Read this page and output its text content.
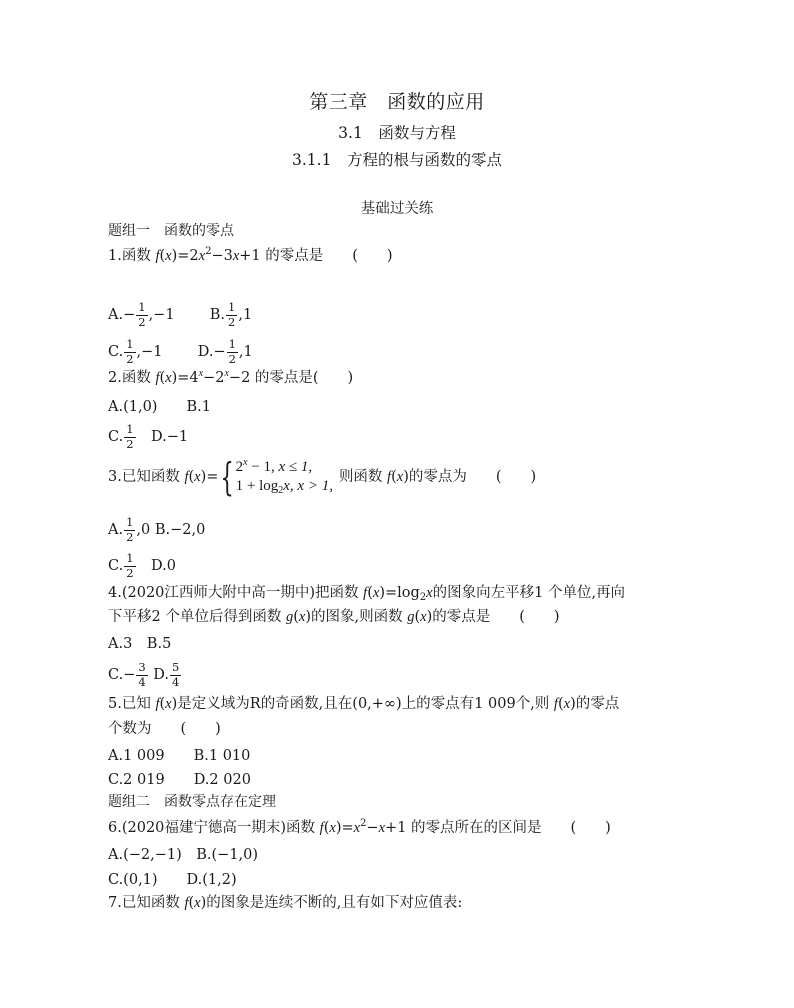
第三章　函数的应用
3.1　函数与方程
3.1.1　方程的根与函数的零点
基础过关练
题组一　函数的零点
1.函数 $f(x)=2x^2-3x+1$ 的零点是　　(　　)
$A.- \frac{1}{2} ,-1$ B. $\frac{1}{2} ,1$
C. $\frac{1}{2} ,-1$ $D.- \frac{1}{2} ,1$
2.函数 $f(x)=4^x-2^x-2$ 的零点是(　　)
A.(1,0)　　B.1
C. $\frac{1}{2}$ 　D.−1
3.已知函数 f(x)={ $2^x - 1$, x ≤ 1,
$1 + \log_2x$, x > 1,
则函数 f(x)的零点为　　(　　)
A. $\frac{1}{2} ,0$ B.−2,0
C. $\frac{1}{2}$ 　D.0
4.(2020江西师大附中高一期中)把函数 $f(x)=\log_2x$的图象向左平移1 个单位,再向
下平移2 个单位后得到函数 g(x)的图象,则函数 g(x)的零点是　　(　　)
A.3　B.5
$C.- \frac{3}{4} D$. $\frac{5}{4}$
5.已知 f(x)是定义域为R的奇函数,且在(0,+∞)上的零点有1 009个,则 f(x)的零点
个数为　　(　　)
A.1 009　　B.1 010
C.2 019　　D.2 020
题组二　函数零点存在定理
6.(2020福建宁德高一期末)函数 $f(x)=x^2-x+1$ 的零点所在的区间是　　(　　)
A.(−2,−1)　B.(−1,0)
C.(0,1)　　D.(1,2)
7.已知函数 f(x)的图象是连续不断的,且有如下对应值表:
